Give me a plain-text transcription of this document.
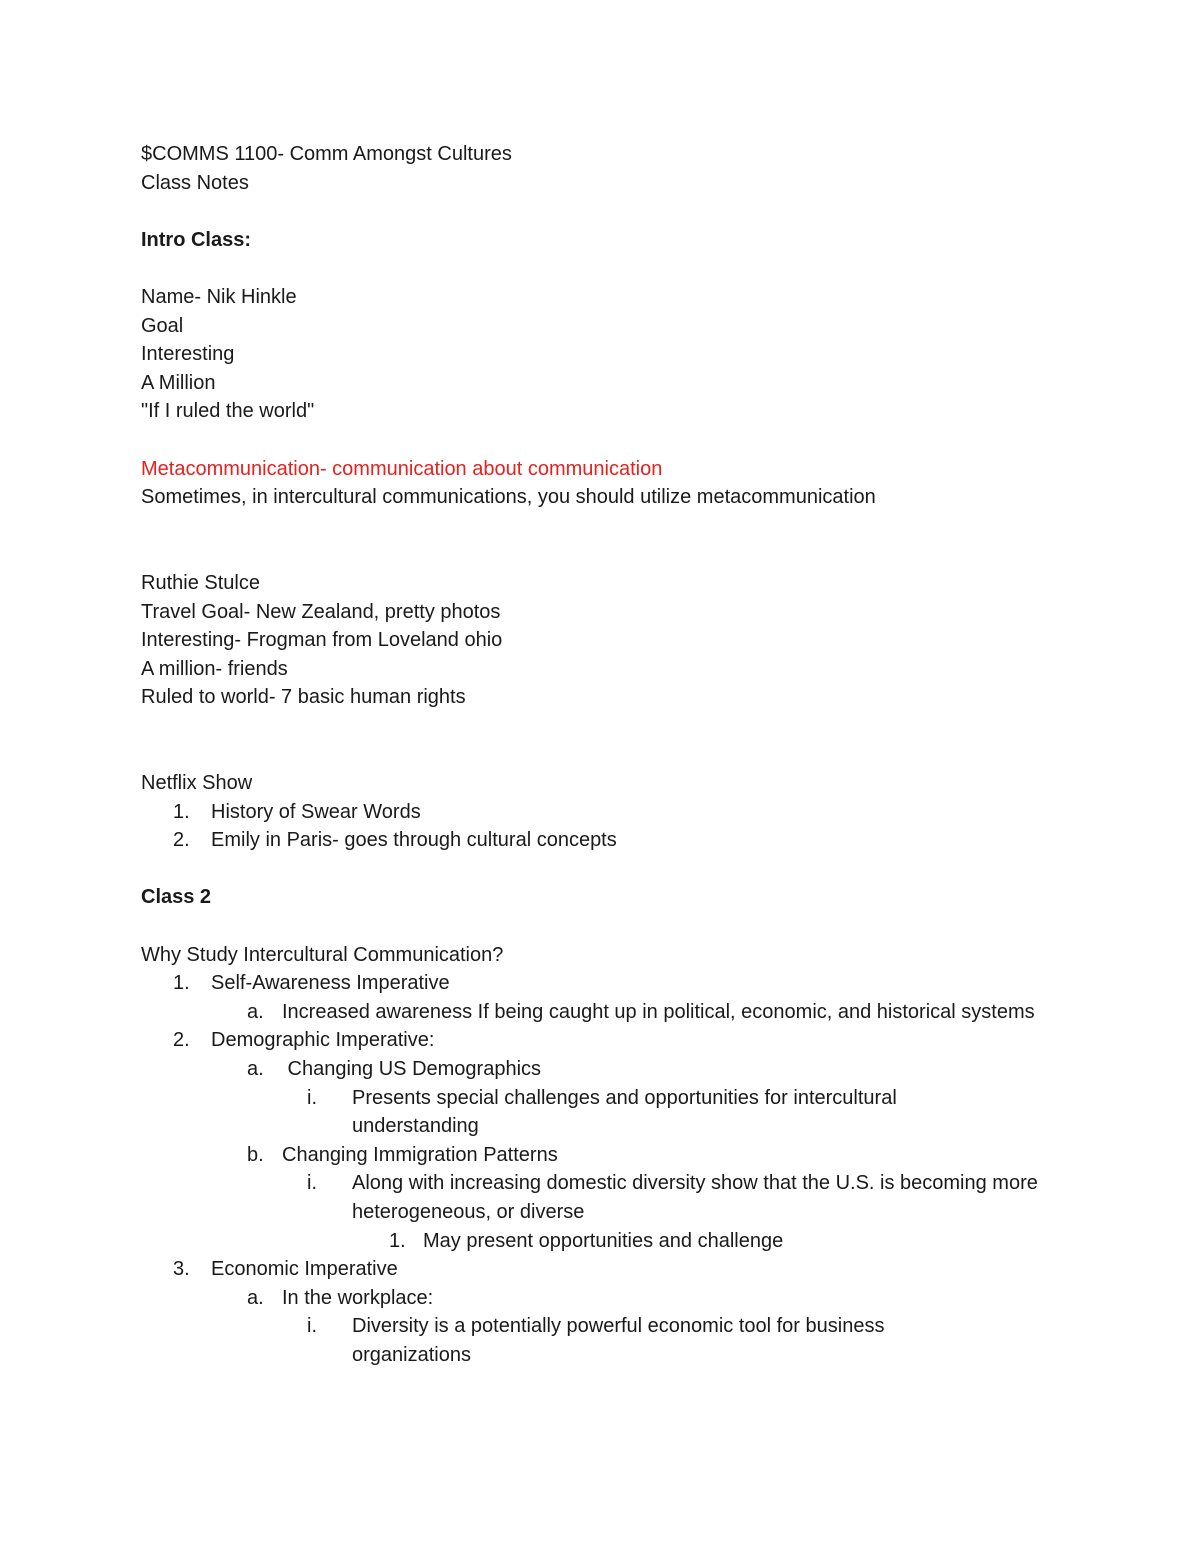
$COMMS 1100- Comm Amongst Cultures

Class Notes

Intro Class:

Name- Nik Hinkle

Goal

Interesting

A Million

"If I ruled the world"

Metacommunication- communication about communication

Sometimes, in intercultural communications, you should utilize metacommunication

Ruthie Stulce

Travel Goal- New Zealand, pretty photos

Interesting- Frogman from Loveland ohio

A million- friends

Ruled to world- 7 basic human rights

Netflix Show

1. History of Swear Words
2. Emily in Paris- goes through cultural concepts

Class 2

Why Study Intercultural Communication?

1. Self-Awareness Imperative
a. Increased awareness If being caught up in political, economic, and historical systems
2. Demographic Imperative:
a. Changing US Demographics
i.	Presents special challenges and opportunities for intercultural understanding
b. Changing Immigration Patterns
i.	Along with increasing domestic diversity show that the U.S. is becoming more heterogeneous, or diverse
1. May present opportunities and challenge
3. Economic Imperative
a. In the workplace:
i.	Diversity is a potentially powerful economic tool for business organizations
